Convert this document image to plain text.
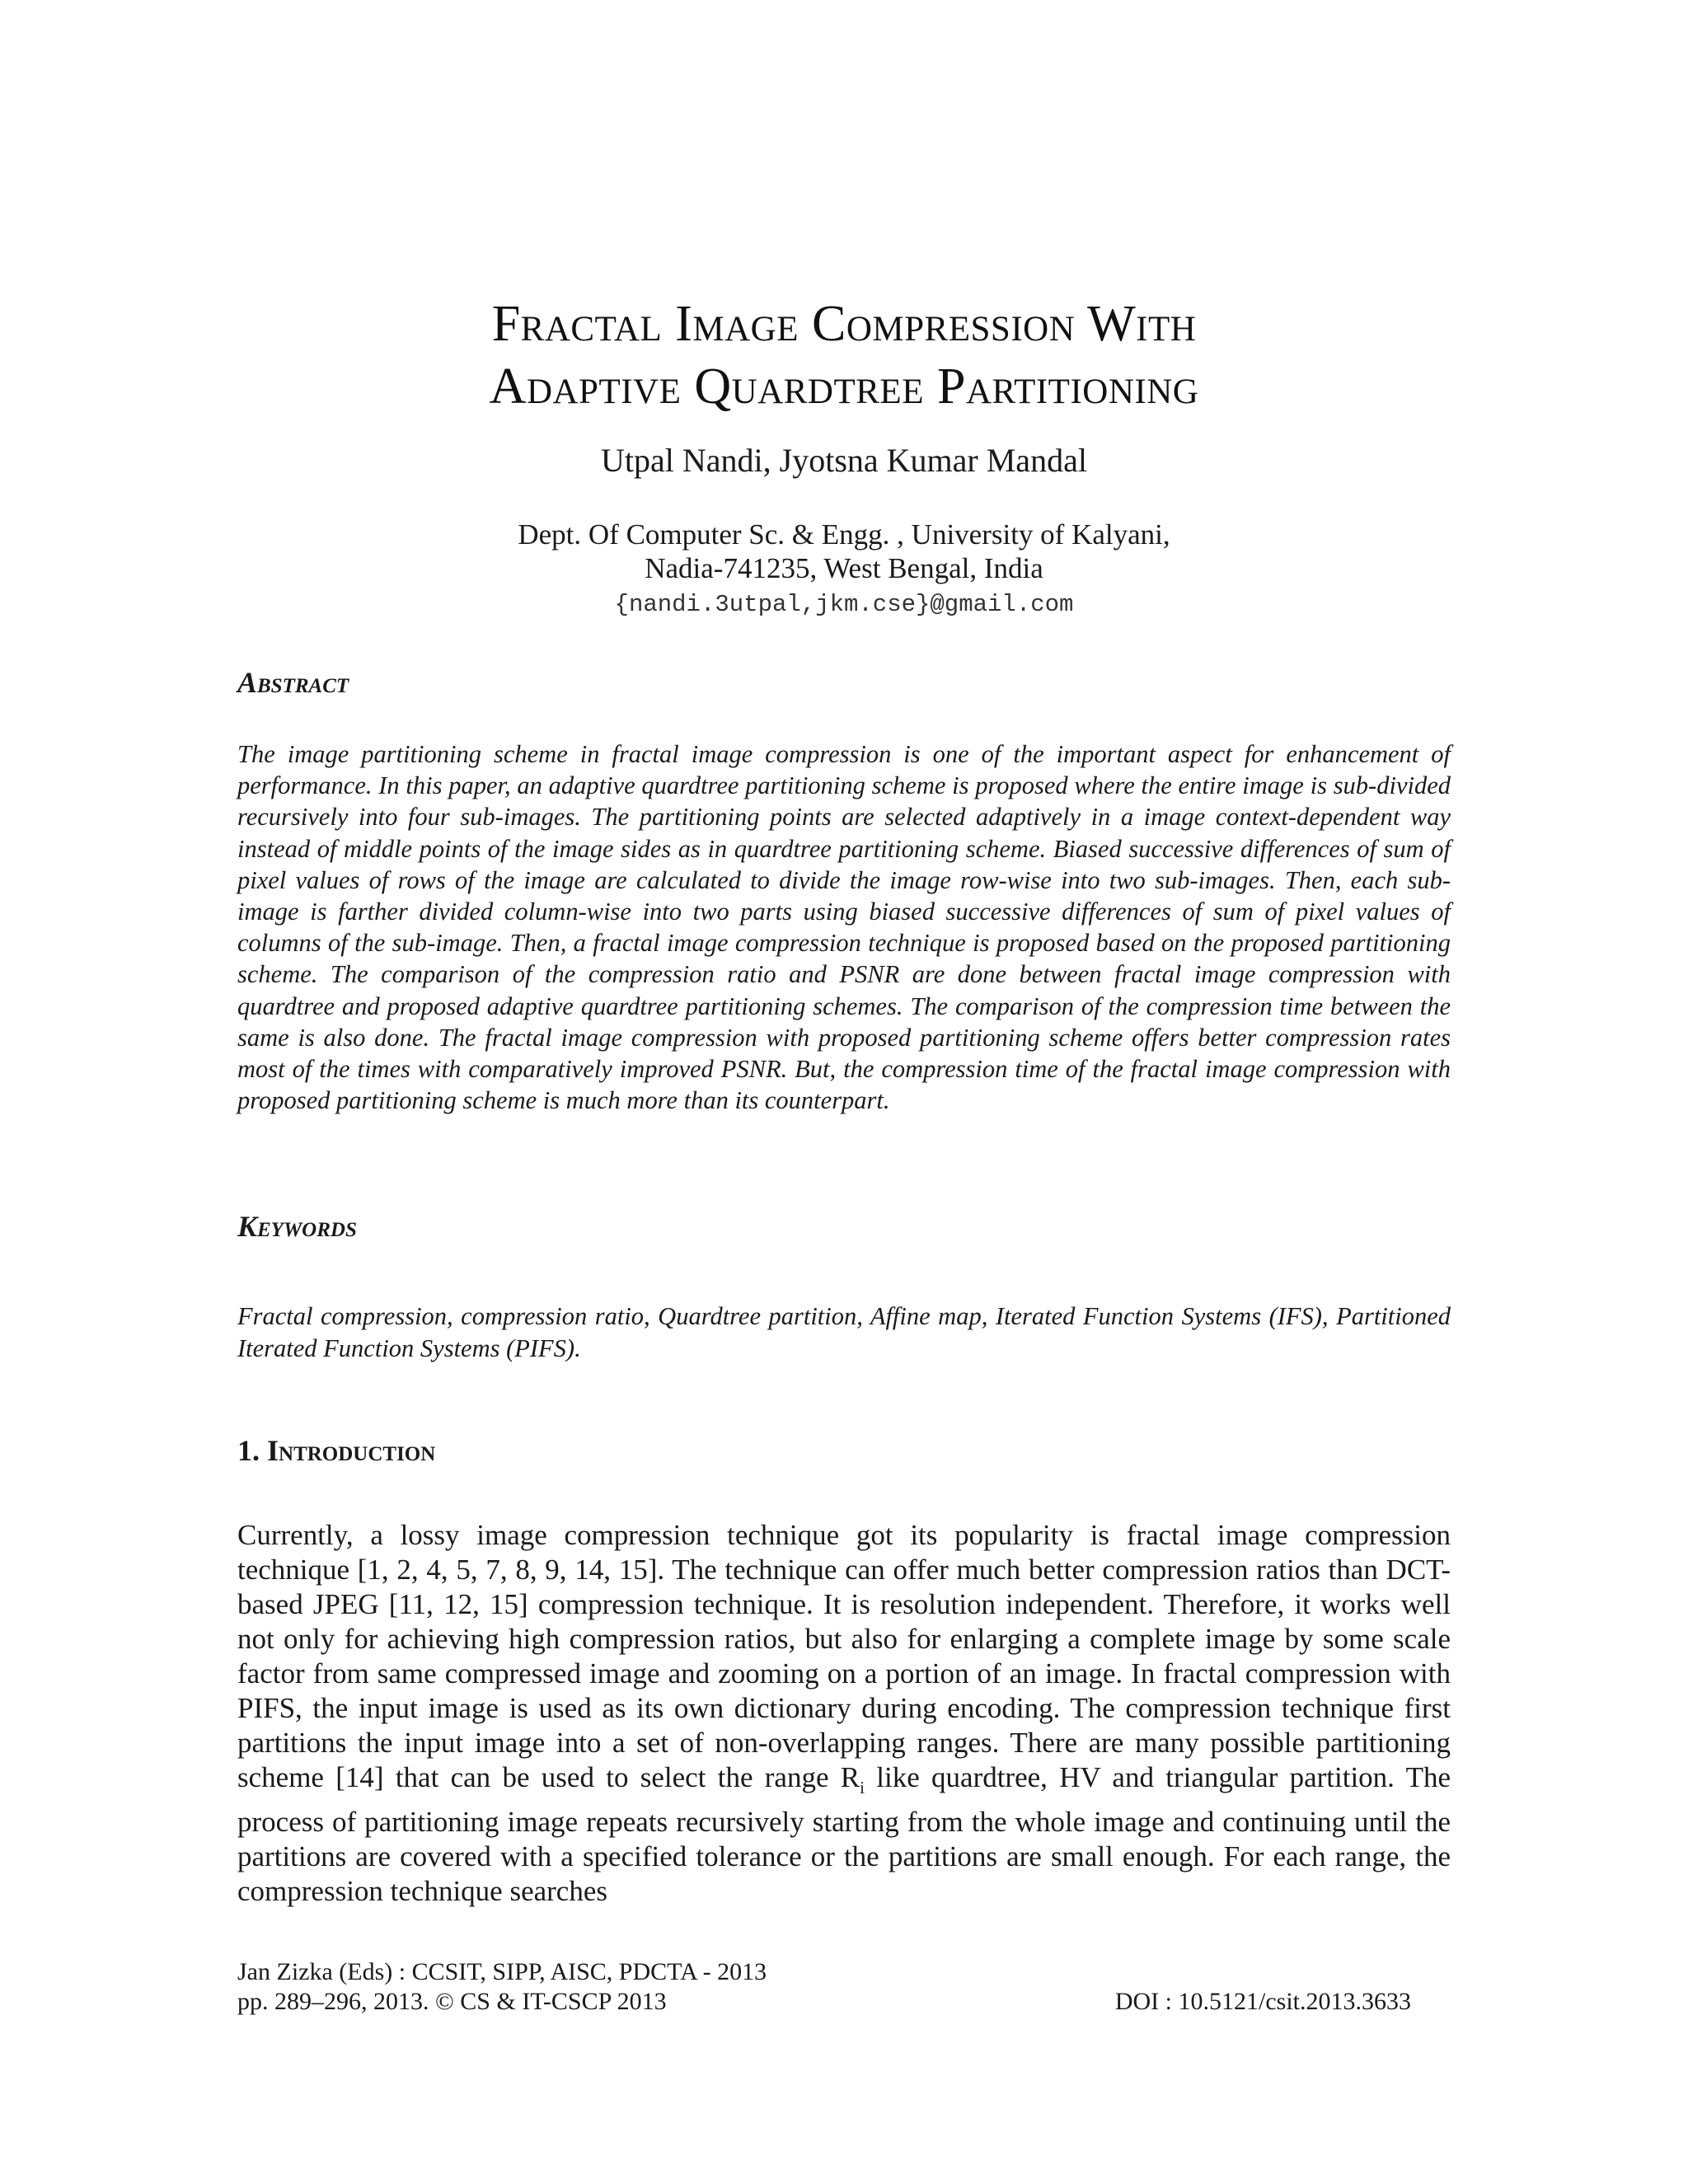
Fractal Image Compression With
Adaptive Quardtree Partitioning
Utpal Nandi, Jyotsna Kumar Mandal
Dept. Of Computer Sc. & Engg. , University of Kalyani,
Nadia-741235, West Bengal, India
{nandi.3utpal,jkm.cse}@gmail.com
Abstract
The image partitioning scheme in fractal image compression is one of the important aspect for enhancement of performance. In this paper, an adaptive quardtree partitioning scheme is proposed where the entire image is sub-divided recursively into four sub-images. The partitioning points are selected adaptively in a image context-dependent way instead of middle points of the image sides as in quardtree partitioning scheme. Biased successive differences of sum of pixel values of rows of the image are calculated to divide the image row-wise into two sub-images. Then, each sub-image is farther divided column-wise into two parts using biased successive differences of sum of pixel values of columns of the sub-image. Then, a fractal image compression technique is proposed based on the proposed partitioning scheme. The comparison of the compression ratio and PSNR are done between fractal image compression with quardtree and proposed adaptive quardtree partitioning schemes. The comparison of the compression time between the same is also done. The fractal image compression with proposed partitioning scheme offers better compression rates most of the times with comparatively improved PSNR. But, the compression time of the fractal image compression with proposed partitioning scheme is much more than its counterpart.
Keywords
Fractal compression, compression ratio, Quardtree partition, Affine map, Iterated Function Systems (IFS), Partitioned Iterated Function Systems (PIFS).
1. Introduction
Currently, a lossy image compression technique got its popularity is fractal image compression technique [1, 2, 4, 5, 7, 8, 9, 14, 15]. The technique can offer much better compression ratios than DCT-based JPEG [11, 12, 15] compression technique. It is resolution independent. Therefore, it works well not only for achieving high compression ratios, but also for enlarging a complete image by some scale factor from same compressed image and zooming on a portion of an image. In fractal compression with PIFS, the input image is used as its own dictionary during encoding. The compression technique first partitions the input image into a set of non-overlapping ranges. There are many possible partitioning scheme [14] that can be used to select the range $R_i$ like quardtree, HV and triangular partition. The process of partitioning image repeats recursively starting from the whole image and continuing until the partitions are covered with a specified tolerance or the partitions are small enough. For each range, the compression technique searches
Jan Zizka (Eds) : CCSIT, SIPP, AISC, PDCTA - 2013
pp. 289–296, 2013. © CS & IT-CSCP 2013	DOI : 10.5121/csit.2013.3633
